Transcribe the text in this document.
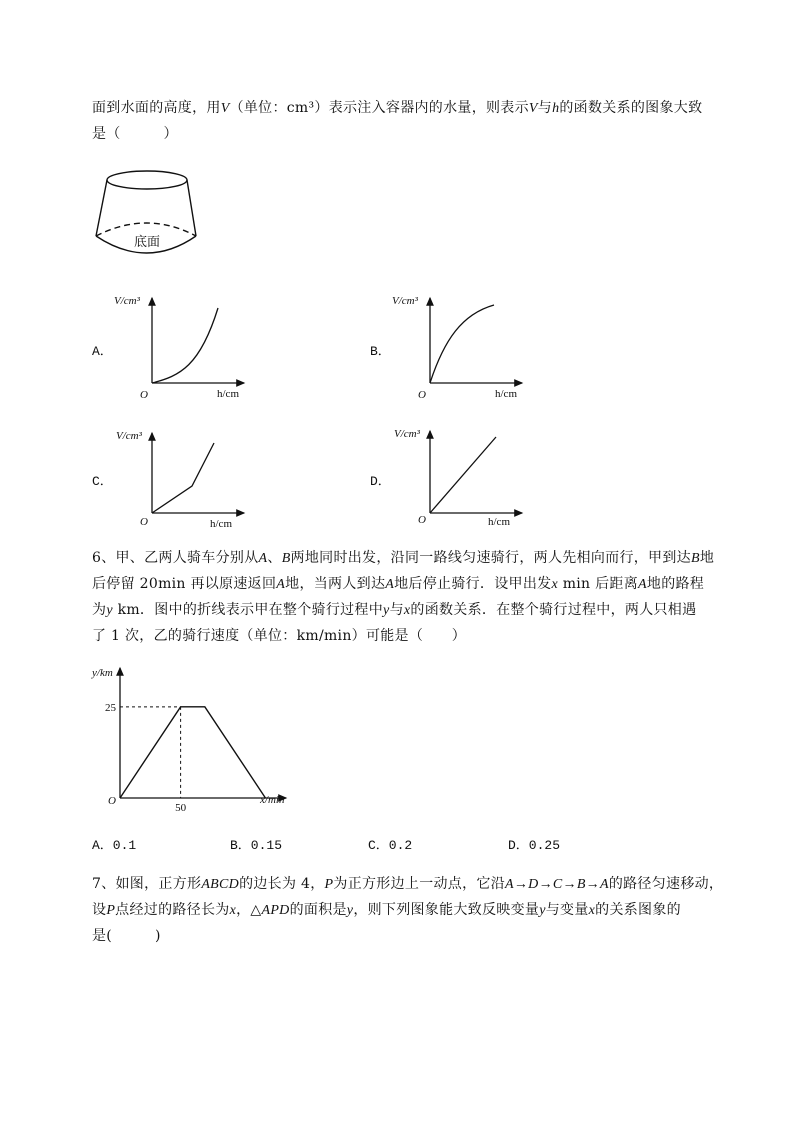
面到水面的高度，用V（单位：cm³）表示注入容器内的水量，则表示V与h的函数关系的图象大致
是（　　　）
底面
A．
V/cm³
O	h/cm
B．
V/cm³
O	h/cm
C．
V/cm³
O	h/cm
D．
V/cm³
O	h/cm
6、甲、乙两人骑车分别从A、B两地同时出发，沿同一路线匀速骑行，两人先相向而行，甲到达B地
后停留 20min 再以原速返回A地，当两人到达A地后停止骑行．设甲出发x min 后距离A地的路程
为y km．图中的折线表示甲在整个骑行过程中y与x的函数关系．在整个骑行过程中，两人只相遇
了 1 次，乙的骑行速度（单位：km/min）可能是（　　）
y/km
x/min
O
25
50
A．0.1	B．0.15	C．0.2	D．0.25
7、如图，正方形ABCD的边长为 4，P为正方形边上一动点，它沿A→D→C→B→A的路径匀速移动，
设P点经过的路径长为x，△APD的面积是y，则下列图象能大致反映变量y与变量x的关系图象的
是(　　　)
